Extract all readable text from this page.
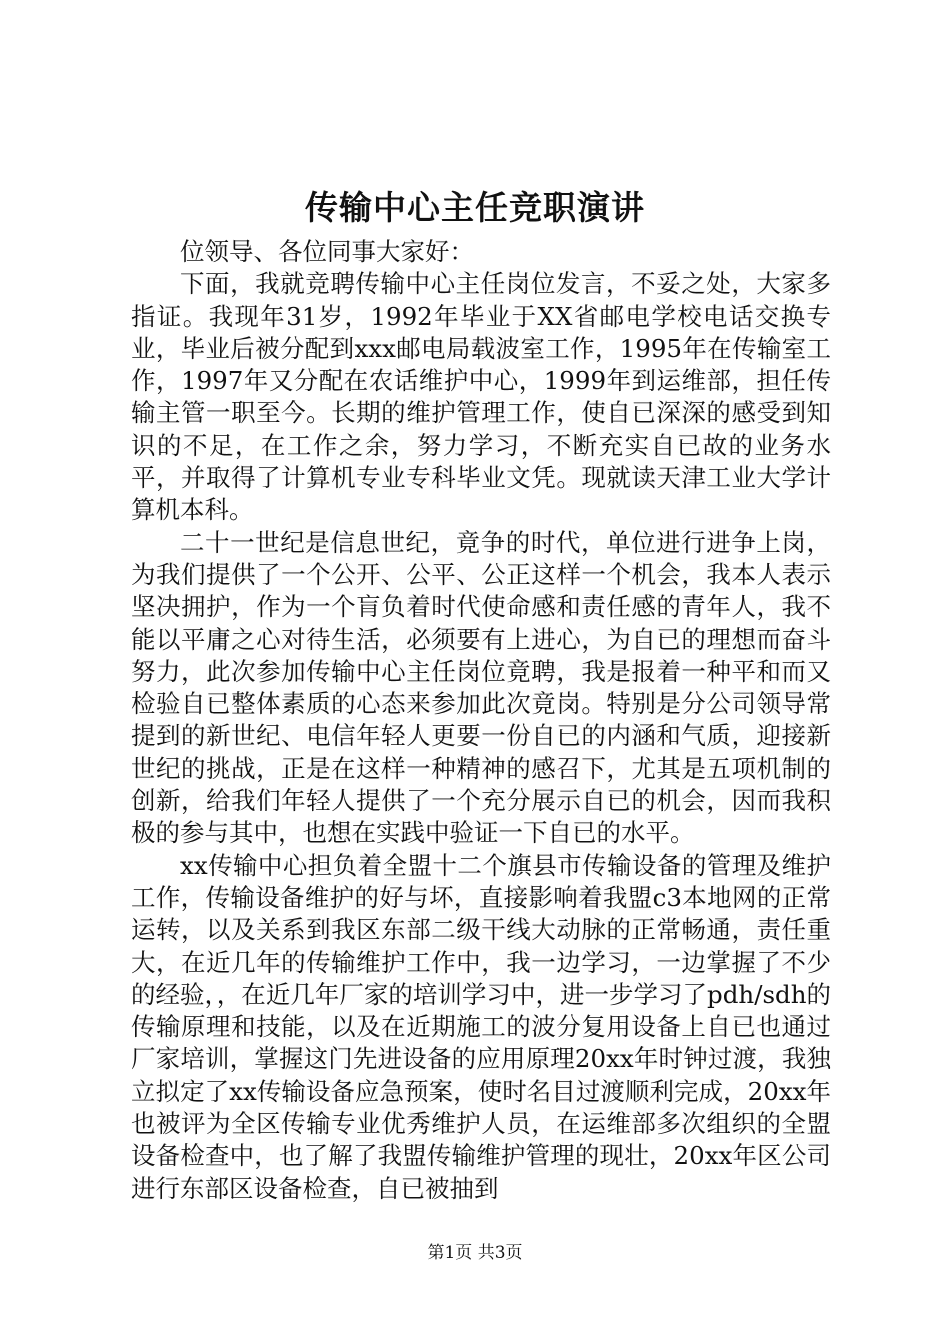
传输中心主任竞职演讲

位领导、各位同事大家好：

下面，我就竞聘传输中心主任岗位发言，不妥之处，大家多指证。我现年31岁，1992年毕业于XX省邮电学校电话交换专业，毕业后被分配到xxx邮电局载波室工作，1995年在传输室工作，1997年又分配在农话维护中心，1999年到运维部，担任传输主管一职至今。长期的维护管理工作，使自已深深的感受到知识的不足，在工作之余，努力学习，不断充实自已故的业务水平，并取得了计算机专业专科毕业文凭。现就读天津工业大学计算机本科。

二十一世纪是信息世纪，竟争的时代，单位进行进争上岗，为我们提供了一个公开、公平、公正这样一个机会，我本人表示坚决拥护，作为一个肓负着时代使命感和责任感的青年人，我不能以平庸之心对待生活，必须要有上进心，为自已的理想而奋斗努力，此次参加传输中心主任岗位竟聘，我是报着一种平和而又检验自已整体素质的心态来参加此次竟岗。特别是分公司领导常提到的新世纪、电信年轻人更要一份自已的内涵和气质，迎接新世纪的挑战，正是在这样一种精神的感召下，尤其是五项机制的创新，给我们年轻人提供了一个充分展示自已的机会，因而我积极的参与其中，也想在实践中验证一下自已的水平。

xx传输中心担负着全盟十二个旗县市传输设备的管理及维护工作，传输设备维护的好与坏，直接影响着我盟c3本地网的正常运转，以及关系到我区东部二级干线大动脉的正常畅通，责任重大，在近几年的传输维护工作中，我一边学习，一边掌握了不少的经验，，在近几年厂家的培训学习中，进一步学习了pdh/sdh的传输原理和技能，以及在近期施工的波分复用设备上自已也通过厂家培训，掌握这门先进设备的应用原理20xx年时钟过渡，我独立拟定了xx传输设备应急预案，使时名目过渡顺利完成，20xx年也被评为全区传输专业优秀维护人员，在运维部多次组织的全盟设备检查中，也了解了我盟传输维护管理的现壮，20xx年区公司进行东部区设备检查，自已被抽到

第1页 共3页
